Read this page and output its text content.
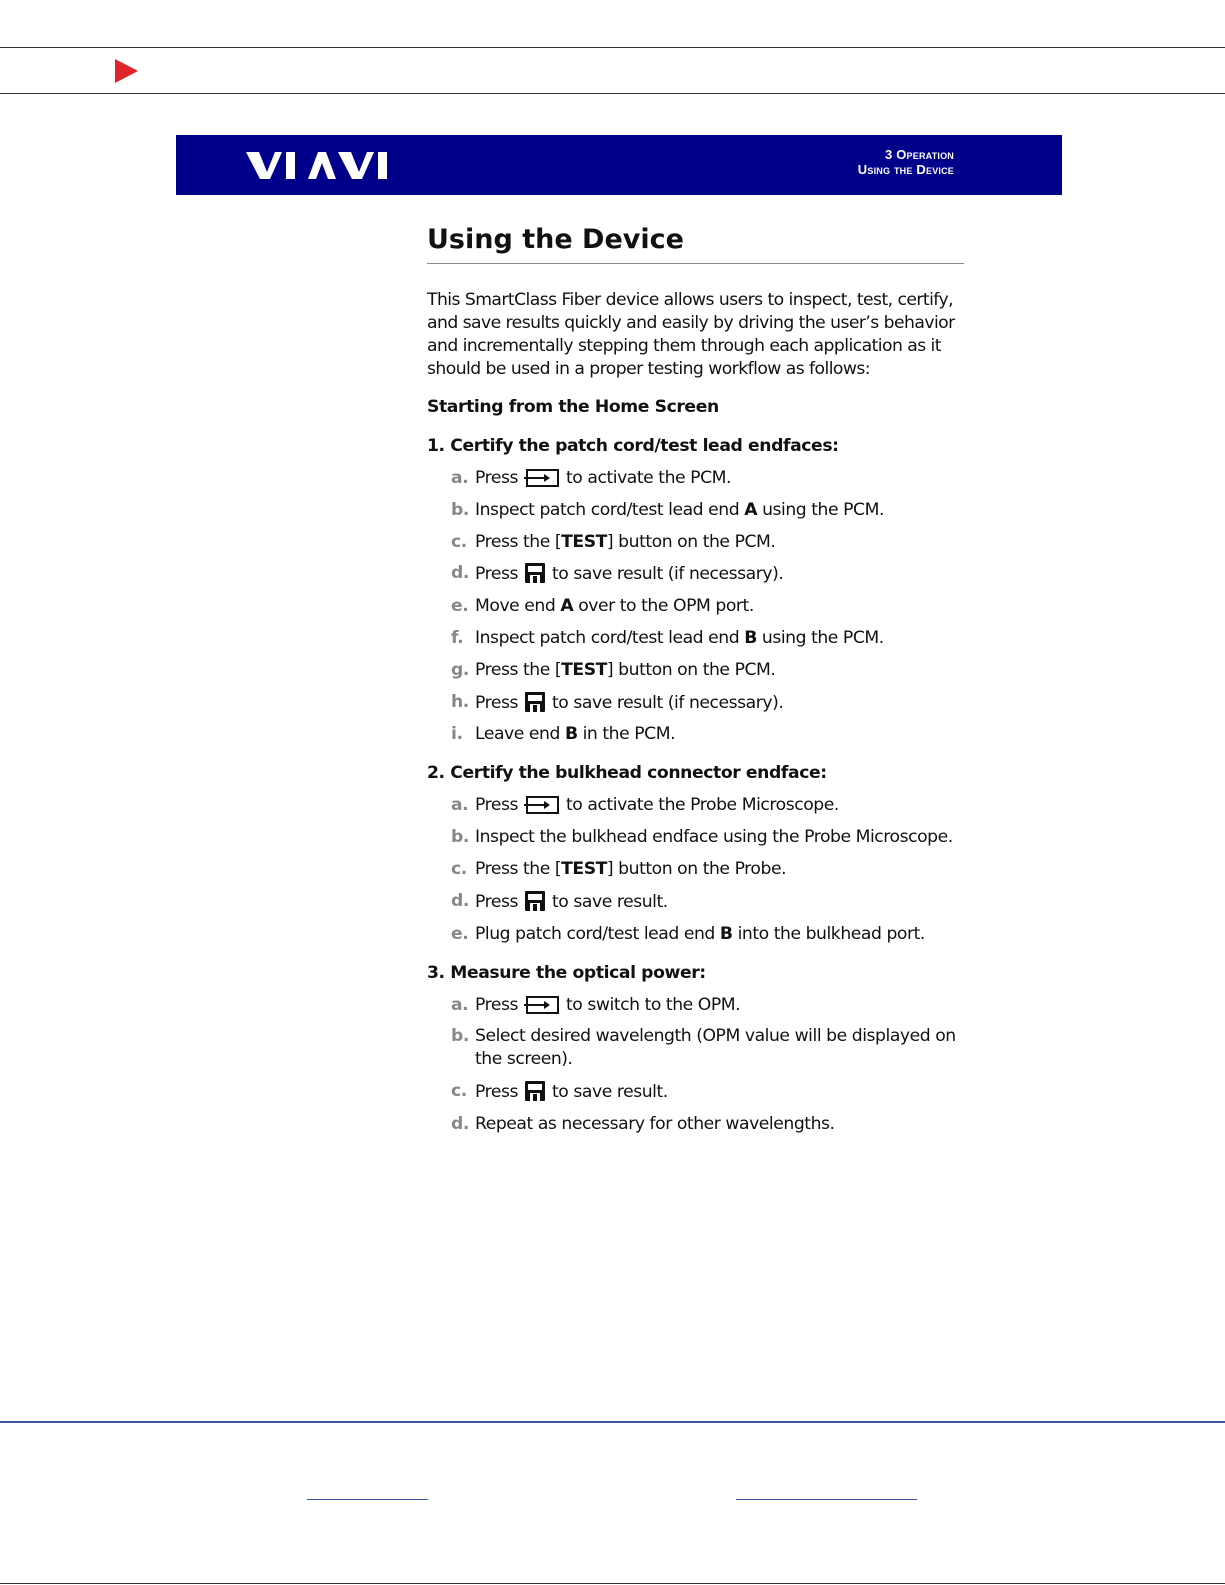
3 Operation
Using the Device
Using the Device

This SmartClass Fiber device allows users to inspect, test, certify, and save results quickly and easily by driving the user’s behavior and incrementally stepping them through each application as it should be used in a proper testing workflow as follows:

Starting from the Home Screen

1. Certify the patch cord/test lead endfaces:

a. Press  to activate the PCM.
b. Inspect patch cord/test lead end A using the PCM.
c. Press the [TEST] button on the PCM.
d. Press  to save result (if necessary).
e. Move end A over to the OPM port.
f. Inspect patch cord/test lead end B using the PCM.
g. Press the [TEST] button on the PCM.
h. Press  to save result (if necessary).
i. Leave end B in the PCM.

2. Certify the bulkhead connector endface:

a. Press  to activate the Probe Microscope.
b. Inspect the bulkhead endface using the Probe Microscope.
c. Press the [TEST] button on the Probe.
d. Press  to save result.
e. Plug patch cord/test lead end B into the bulkhead port.

3. Measure the optical power:

a. Press  to switch to the OPM.
b. Select desired wavelength (OPM value will be displayed on the screen).
c. Press  to save result.
d. Repeat as necessary for other wavelengths.
